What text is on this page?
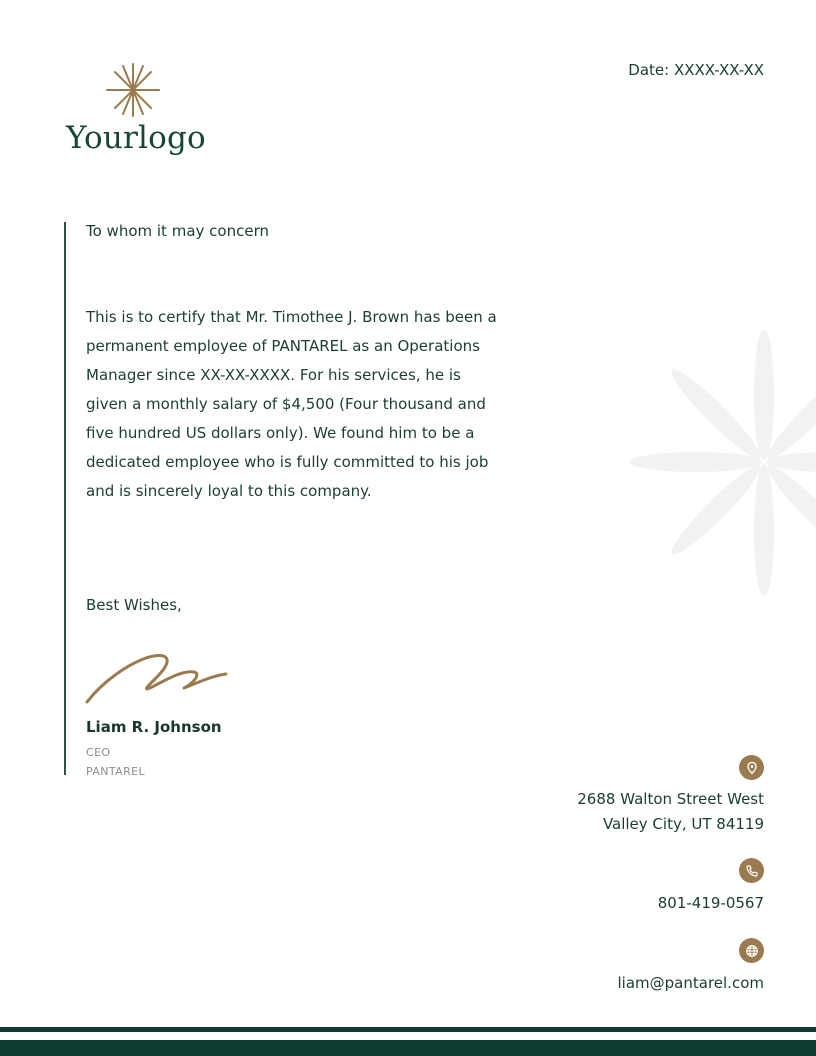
Yourlogo
Date: XXXX-XX-XX
To whom it may concern
This is to certify that Mr. Timothee J. Brown has been a
permanent employee of PANTAREL as an Operations
Manager since XX-XX-XXXX. For his services, he is
given a monthly salary of $4,500 (Four thousand and
five hundred US dollars only). We found him to be a
dedicated employee who is fully committed to his job
and is sincerely loyal to this company.
Best Wishes,
Liam R. Johnson
CEO
PANTAREL
2688 Walton Street West
Valley City, UT 84119
801-419-0567
liam@pantarel.com
